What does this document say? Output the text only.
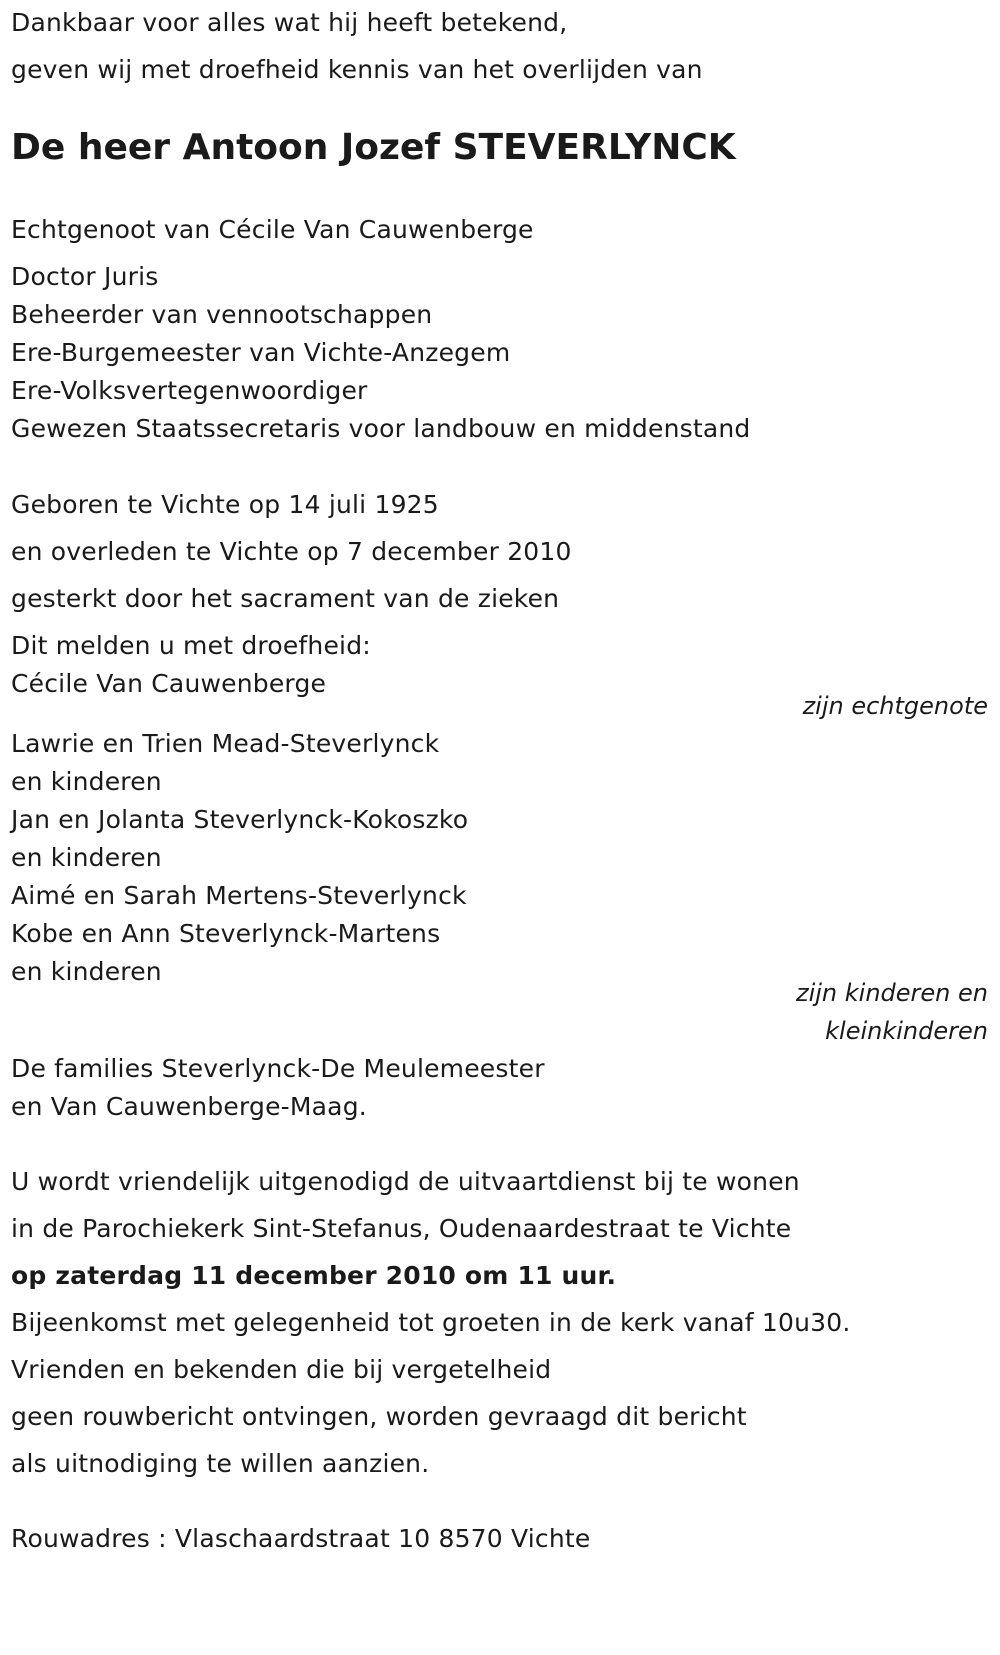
Dankbaar voor alles wat hij heeft betekend,
geven wij met droefheid kennis van het overlijden van
De heer Antoon Jozef STEVERLYNCK
Echtgenoot van Cécile Van Cauwenberge
Doctor Juris
Beheerder van vennootschappen
Ere-Burgemeester van Vichte-Anzegem
Ere-Volksvertegenwoordiger
Gewezen Staatssecretaris voor landbouw en middenstand
Geboren te Vichte op 14 juli 1925
en overleden te Vichte op 7 december 2010
gesterkt door het sacrament van de zieken
Dit melden u met droefheid:
Cécile Van Cauwenberge
zijn echtgenote
Lawrie en Trien Mead-Steverlynck
en kinderen
Jan en Jolanta Steverlynck-Kokoszko
en kinderen
Aimé en Sarah Mertens-Steverlynck
Kobe en Ann Steverlynck-Martens
en kinderen
zijn kinderen en
kleinkinderen
De families Steverlynck-De Meulemeester
en Van Cauwenberge-Maag.
U wordt vriendelijk uitgenodigd de uitvaartdienst bij te wonen
in de Parochiekerk Sint-Stefanus, Oudenaardestraat te Vichte
op zaterdag 11 december 2010 om 11 uur.
Bijeenkomst met gelegenheid tot groeten in de kerk vanaf 10u30.
Vrienden en bekenden die bij vergetelheid
geen rouwbericht ontvingen, worden gevraagd dit bericht
als uitnodiging te willen aanzien.
Rouwadres : Vlaschaardstraat 10 8570 Vichte
